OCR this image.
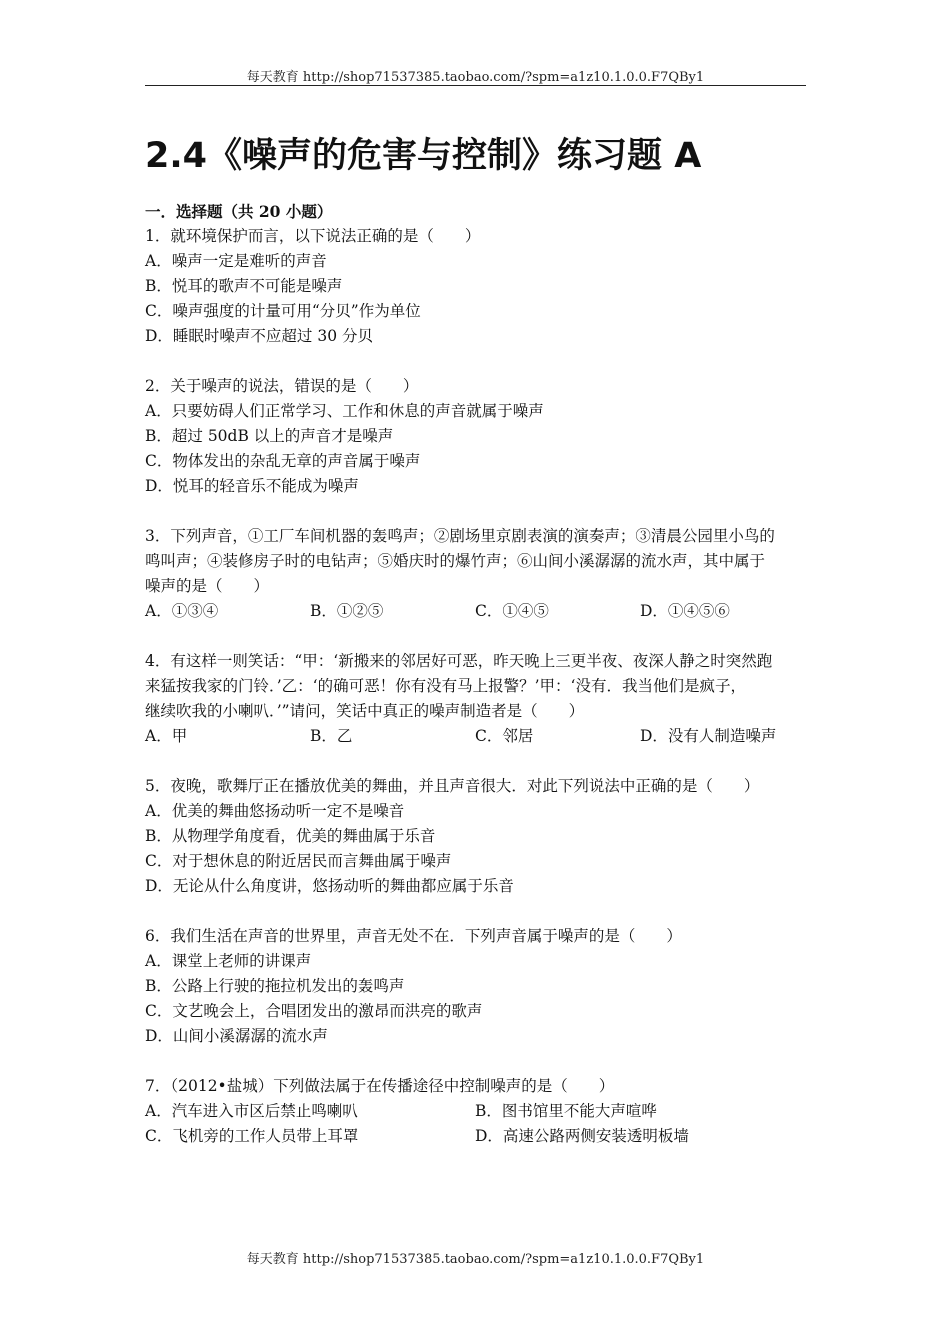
每天教育 http://shop71537385.taobao.com/?spm=a1z10.1.0.0.F7QBy1
2.4《噪声的危害与控制》练习题 A
一．选择题（共 20 小题）
1．就环境保护而言，以下说法正确的是（　　）
A．噪声一定是难听的声音
B．悦耳的歌声不可能是噪声
C．噪声强度的计量可用“分贝”作为单位
D．睡眠时噪声不应超过 30 分贝
2．关于噪声的说法，错误的是（　　）
A．只要妨碍人们正常学习、工作和休息的声音就属于噪声
B．超过 50dB 以上的声音才是噪声
C．物体发出的杂乱无章的声音属于噪声
D．悦耳的轻音乐不能成为噪声
3．下列声音，①工厂车间机器的轰鸣声；②剧场里京剧表演的演奏声；③清晨公园里小鸟的
鸣叫声；④装修房子时的电钻声；⑤婚庆时的爆竹声；⑥山间小溪潺潺的流水声，其中属于
噪声的是（　　）
A．①③④	B．①②⑤	C．①④⑤	D．①④⑤⑥
4．有这样一则笑话：“甲：‘新搬来的邻居好可恶，昨天晚上三更半夜、夜深人静之时突然跑
来猛按我家的门铃．’乙：‘的确可恶！你有没有马上报警？’甲：‘没有．我当他们是疯子，
继续吹我的小喇叭．’”请问，笑话中真正的噪声制造者是（　　）
A．甲	B．乙	C．邻居	D．没有人制造噪声
5．夜晚，歌舞厅正在播放优美的舞曲，并且声音很大．对此下列说法中正确的是（　　）
A．优美的舞曲悠扬动听一定不是噪音
B．从物理学角度看，优美的舞曲属于乐音
C．对于想休息的附近居民而言舞曲属于噪声
D．无论从什么角度讲，悠扬动听的舞曲都应属于乐音
6．我们生活在声音的世界里，声音无处不在．下列声音属于噪声的是（　　）
A．课堂上老师的讲课声
B．公路上行驶的拖拉机发出的轰鸣声
C．文艺晚会上，合唱团发出的激昂而洪亮的歌声
D．山间小溪潺潺的流水声
7．（2012•盐城）下列做法属于在传播途径中控制噪声的是（　　）
A．汽车进入市区后禁止鸣喇叭	B．图书馆里不能大声喧哗
C．飞机旁的工作人员带上耳罩	D．高速公路两侧安装透明板墙
每天教育 http://shop71537385.taobao.com/?spm=a1z10.1.0.0.F7QBy1
